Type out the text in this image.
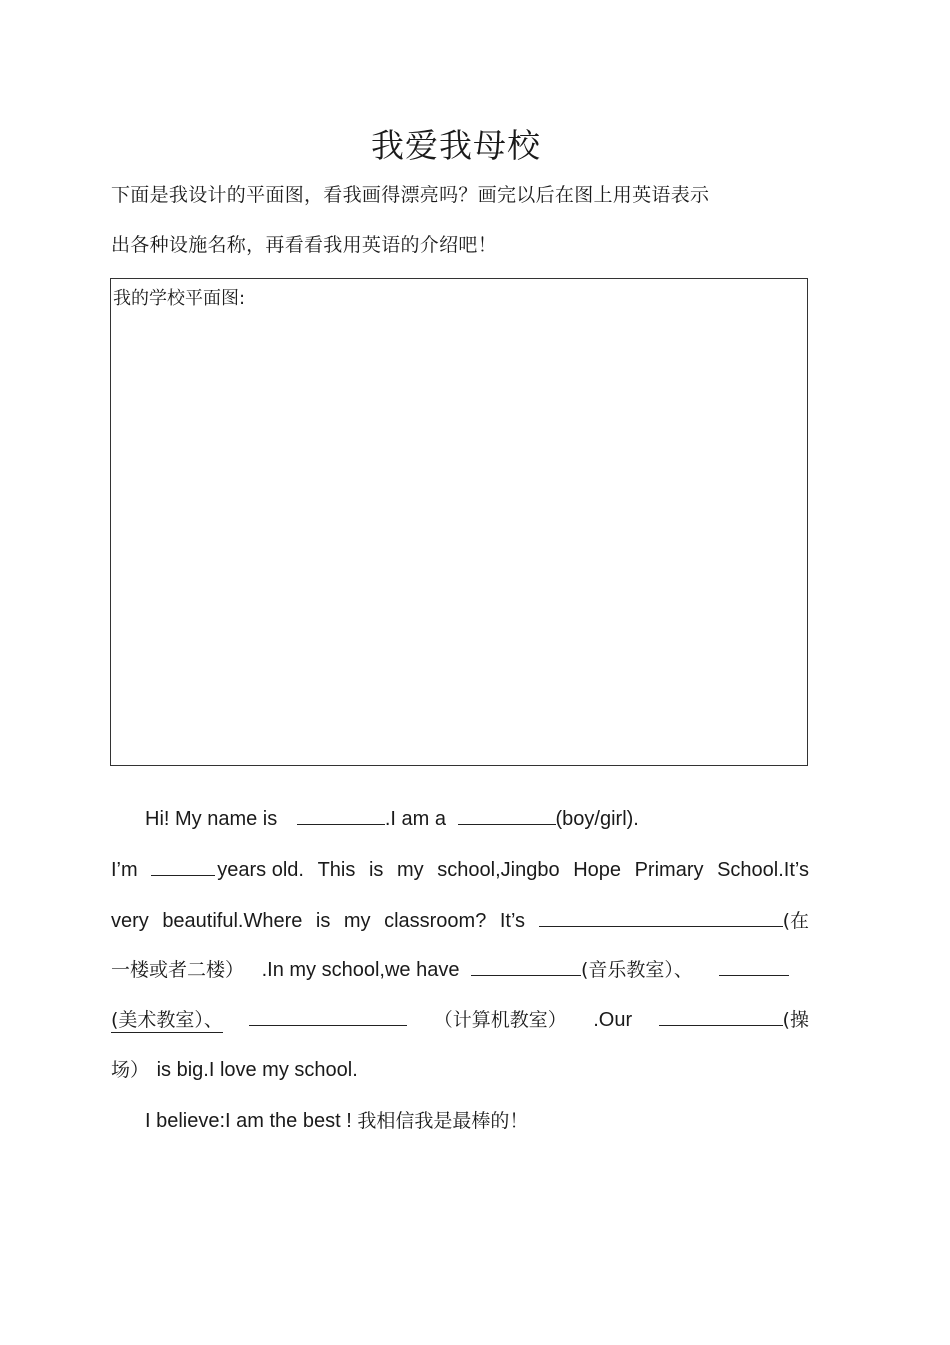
我爱我母校
下面是我设计的平面图，看我画得漂亮吗？画完以后在图上用英语表示
出各种设施名称，再看看我用英语的介绍吧！
我的学校平面图:
Hi! My name is	.I am a	(boy/girl).
I’m	years old. This is my school,Jingbo Hope Primary School.It’s
very beautiful.Where is my classroom? It’s	(在
一楼或者二楼） .In my school,we have	(音乐教室）、
(美术教室）、	（计算机教室） .Our	(操
场） is big.I love my school.
I believe:I am the best ! 我相信我是最棒的！
